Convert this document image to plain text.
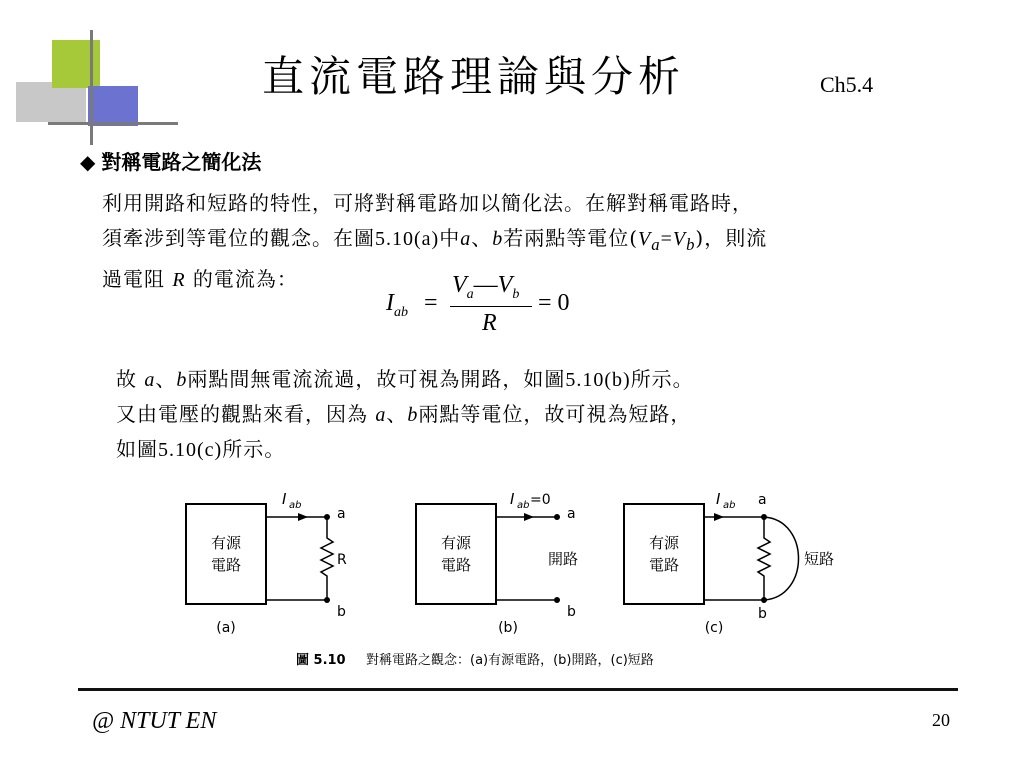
直流電路理論與分析	Ch5.4
◆ 對稱電路之簡化法
利用開路和短路的特性，可將對稱電路加以簡化法。在解對稱電路時，
須牽涉到等電位的觀念。在圖5.10(a)中a、b若兩點等電位$(V_a=V_b)$，則流
過電阻 R 的電流為：
$I_{ab}$ =
$V_a—V_b$
R
= 0
故 a、b兩點間無電流流過，故可視為開路，如圖5.10(b)所示。
又由電壓的觀點來看，因為 a、b兩點等電位，故可視為短路，
如圖5.10(c)所示。
有源
電路
I ab
a
b
R
(a)
有源
電路
I ab =0
a
b
開路
(b)
有源
電路
I ab a
b
短路
(c)
圖 5.10 對稱電路之觀念：(a)有源電路，(b)開路，(c)短路
@ NTUT EN	20
